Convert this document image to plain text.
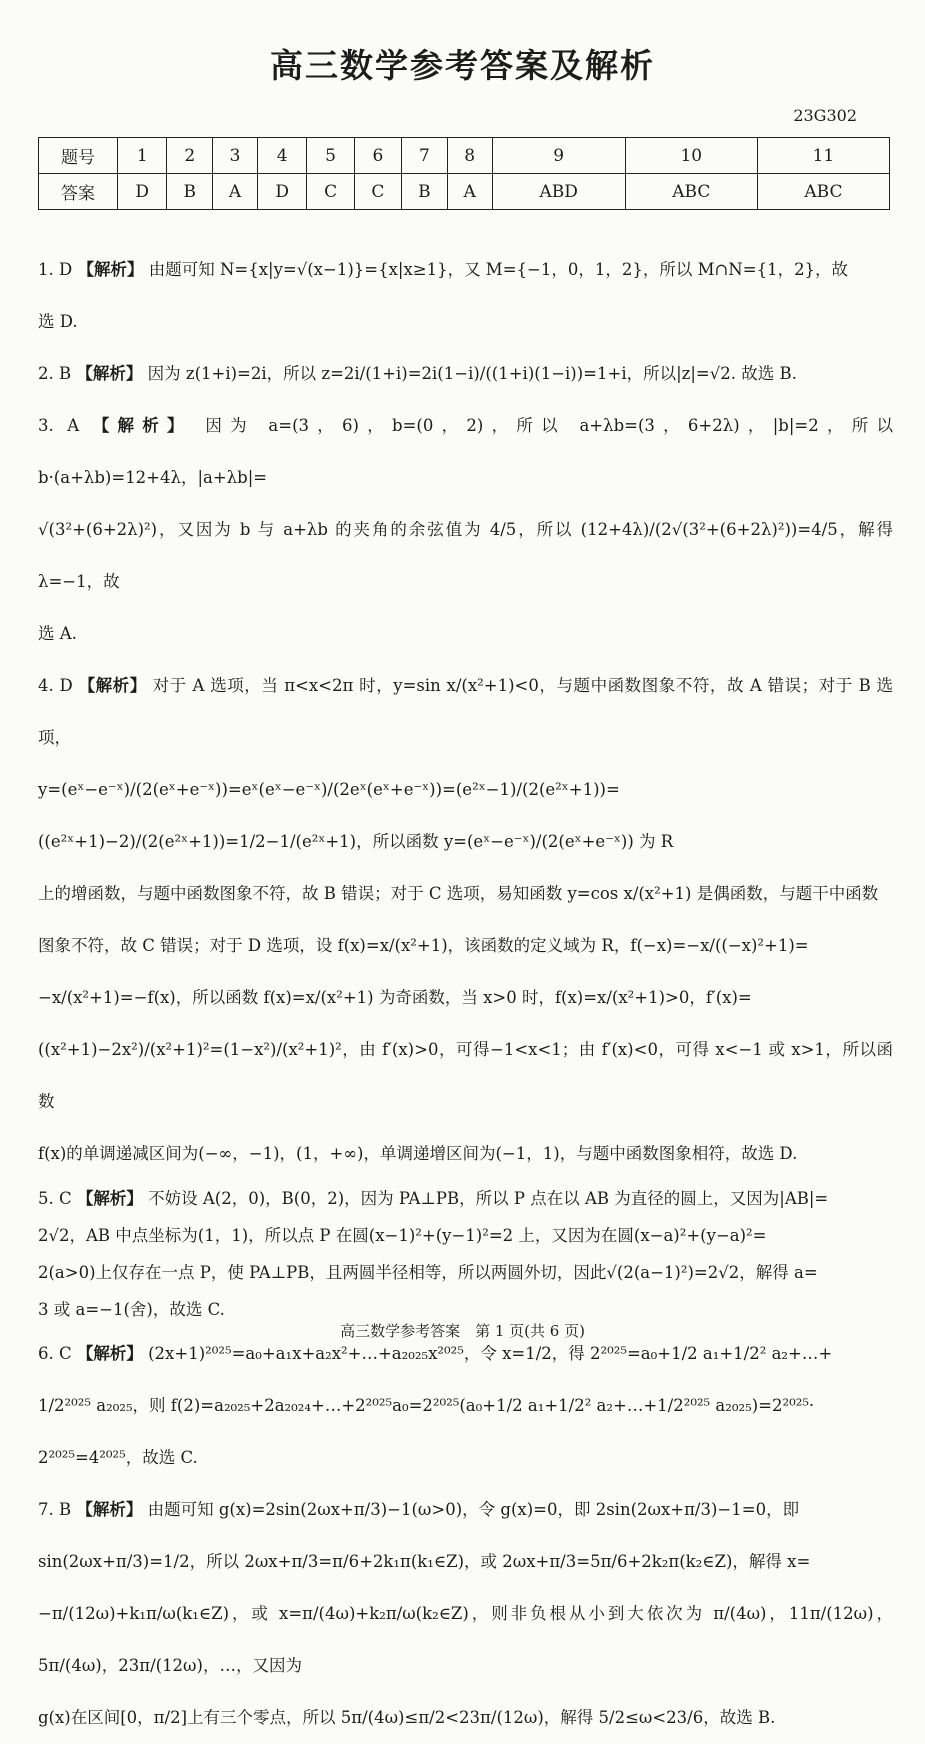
高三数学参考答案及解析
23G302
题号	1	2	3	4	5	6	7	8	9	10	11
答案	D	B	A	D	C	C	B	A	ABD	ABC	ABC

1. D 【解析】 由题可知 N={x|y=√(x−1)}={x|x≥1}，又 M={−1，0，1，2}，所以 M∩N={1，2}，故

选 D.

2. B 【解析】 因为 z(1+i)=2i，所以 z=2i/(1+i)=2i(1−i)/((1+i)(1−i))=1+i，所以|z|=√2. 故选 B.

3. A 【解析】 因为 a=(3，6)，b=(0，2)，所以 a+λb=(3，6+2λ)，|b|=2，所以 b·(a+λb)=12+4λ，|a+λb|=

√(3²+(6+2λ)²)，又因为 b 与 a+λb 的夹角的余弦值为 4/5，所以 (12+4λ)/(2√(3²+(6+2λ)²))=4/5，解得 λ=−1，故

选 A.

4. D 【解析】 对于 A 选项，当 π<x<2π 时，y=sin x/(x²+1)<0，与题中函数图象不符，故 A 错误；对于 B 选项，

y=(eˣ−e⁻ˣ)/(2(eˣ+e⁻ˣ))=eˣ(eˣ−e⁻ˣ)/(2eˣ(eˣ+e⁻ˣ))=(e²ˣ−1)/(2(e²ˣ+1))=((e²ˣ+1)−2)/(2(e²ˣ+1))=1/2−1/(e²ˣ+1)，所以函数 y=(eˣ−e⁻ˣ)/(2(eˣ+e⁻ˣ)) 为 R

上的增函数，与题中函数图象不符，故 B 错误；对于 C 选项，易知函数 y=cos x/(x²+1) 是偶函数，与题干中函数

图象不符，故 C 错误；对于 D 选项，设 f(x)=x/(x²+1)，该函数的定义域为 R，f(−x)=−x/((−x)²+1)=

−x/(x²+1)=−f(x)，所以函数 f(x)=x/(x²+1) 为奇函数，当 x>0 时，f(x)=x/(x²+1)>0，f′(x)=

((x²+1)−2x²)/(x²+1)²=(1−x²)/(x²+1)²，由 f′(x)>0，可得−1<x<1；由 f′(x)<0，可得 x<−1 或 x>1，所以函数

f(x)的单调递减区间为(−∞，−1)，(1，+∞)，单调递增区间为(−1，1)，与题中函数图象相符，故选 D.

5. C 【解析】 不妨设 A(2，0)，B(0，2)，因为 PA⊥PB，所以 P 点在以 AB 为直径的圆上，又因为|AB|=

2√2，AB 中点坐标为(1，1)，所以点 P 在圆(x−1)²+(y−1)²=2 上，又因为在圆(x−a)²+(y−a)²=

2(a>0)上仅存在一点 P，使 PA⊥PB，且两圆半径相等，所以两圆外切，因此√(2(a−1)²)=2√2，解得 a=

3 或 a=−1(舍)，故选 C.

6. C 【解析】 (2x+1)²⁰²⁵=a₀+a₁x+a₂x²+…+a₂₀₂₅x²⁰²⁵，令 x=1/2，得 2²⁰²⁵=a₀+1/2 a₁+1/2² a₂+…+

1/2²⁰²⁵ a₂₀₂₅，则 f(2)=a₂₀₂₅+2a₂₀₂₄+…+2²⁰²⁵a₀=2²⁰²⁵(a₀+1/2 a₁+1/2² a₂+…+1/2²⁰²⁵ a₂₀₂₅)=2²⁰²⁵·

2²⁰²⁵=4²⁰²⁵，故选 C.

7. B 【解析】 由题可知 g(x)=2sin(2ωx+π/3)−1(ω>0)，令 g(x)=0，即 2sin(2ωx+π/3)−1=0，即

sin(2ωx+π/3)=1/2，所以 2ωx+π/3=π/6+2k₁π(k₁∈Z)，或 2ωx+π/3=5π/6+2k₂π(k₂∈Z)，解得 x=

−π/(12ω)+k₁π/ω(k₁∈Z)，或 x=π/(4ω)+k₂π/ω(k₂∈Z)，则非负根从小到大依次为 π/(4ω)，11π/(12ω)，5π/(4ω)，23π/(12ω)，…，又因为

g(x)在区间[0，π/2]上有三个零点，所以 5π/(4ω)≤π/2<23π/(12ω)，解得 5/2≤ω<23/6，故选 B.

高三数学参考答案　第 1 页(共 6 页)
